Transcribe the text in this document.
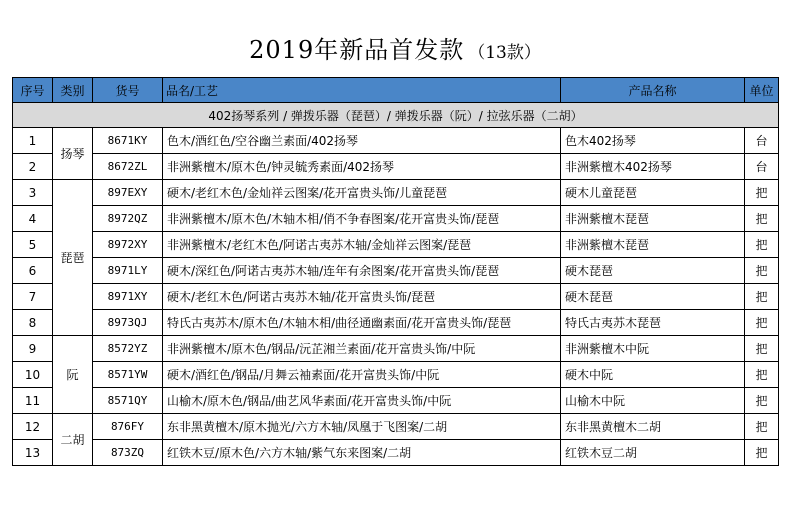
2019年新品首发款 （13款）
序号	类别	货号	品名/工艺	产品名称	单位
402扬琴系列 / 弹拨乐器（琵琶）/ 弹拨乐器（阮）/ 拉弦乐器（二胡）					
1	扬琴	8671KY	色木/酒红色/空谷幽兰素面/402扬琴	色木402扬琴	台
2		8672ZL	非洲紫檀木/原木色/钟灵毓秀素面/402扬琴	非洲紫檀木402扬琴	台
3	琵琶	897EXY	硬木/老红木色/金灿祥云图案/花开富贵头饰/儿童琵琶	硬木儿童琵琶	把
4		8972QZ	非洲紫檀木/原木色/木轴木相/俏不争春图案/花开富贵头饰/琵琶	非洲紫檀木琵琶	把
5		8972XY	非洲紫檀木/老红木色/阿诺古夷苏木轴/金灿祥云图案/琵琶	非洲紫檀木琵琶	把
6		8971LY	硬木/深红色/阿诺古夷苏木轴/连年有余图案/花开富贵头饰/琵琶	硬木琵琶	把
7		8971XY	硬木/老红木色/阿诺古夷苏木轴/花开富贵头饰/琵琶	硬木琵琶	把
8		8973QJ	特氏古夷苏木/原木色/木轴木相/曲径通幽素面/花开富贵头饰/琵琶	特氏古夷苏木琵琶	把
9	阮	8572YZ	非洲紫檀木/原木色/钢品/沅芷湘兰素面/花开富贵头饰/中阮	非洲紫檀木中阮	把
10		8571YW	硬木/酒红色/钢品/月舞云袖素面/花开富贵头饰/中阮	硬木中阮	把
11		8571QY	山榆木/原木色/钢品/曲艺风华素面/花开富贵头饰/中阮	山榆木中阮	把
12	二胡	876FY	东非黑黄檀木/原木抛光/六方木轴/凤凰于飞图案/二胡	东非黑黄檀木二胡	把
13		873ZQ	红铁木豆/原木色/六方木轴/紫气东来图案/二胡	红铁木豆二胡	把
